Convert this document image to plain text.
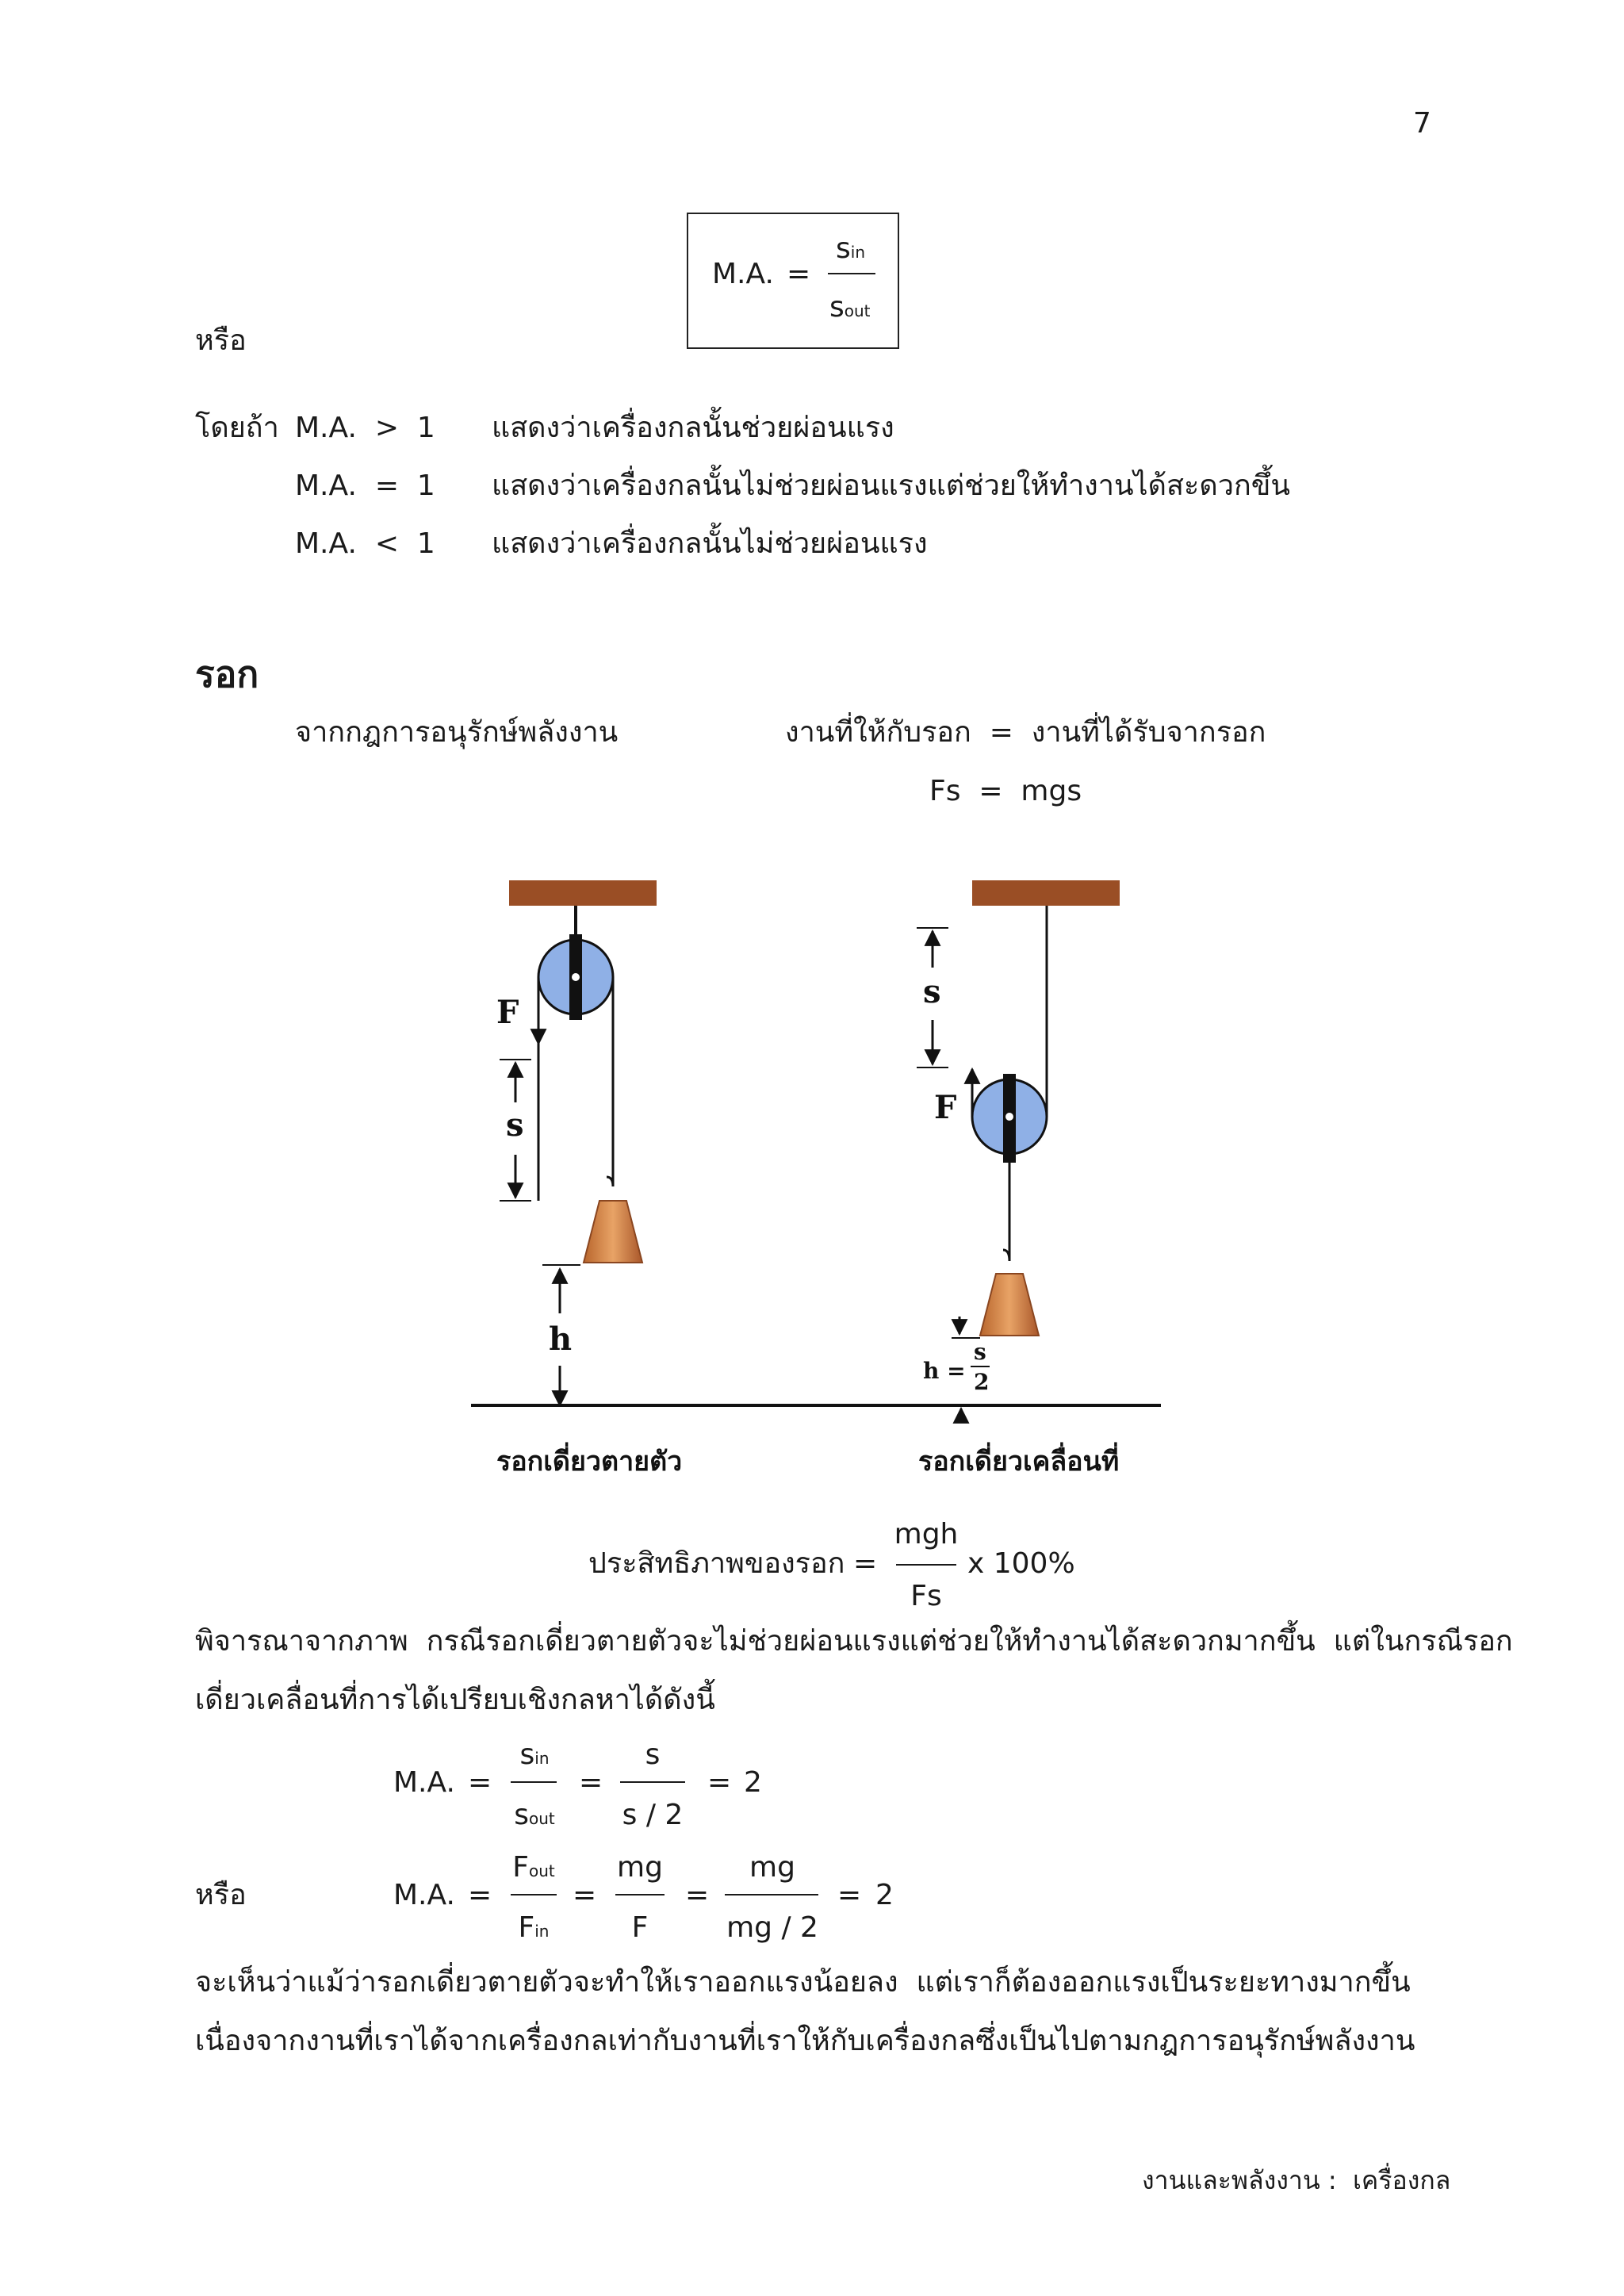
7
M.A. =
sin
sout
หรือ
โดยถ้า M.A.  >  1 แสดงว่าเครื่องกลนั้นช่วยผ่อนแรง
M.A.  =  1 แสดงว่าเครื่องกลนั้นไม่ช่วยผ่อนแรงแต่ช่วยให้ทำงานได้สะดวกขึ้น
M.A.  <  1 แสดงว่าเครื่องกลนั้นไม่ช่วยผ่อนแรง
รอก
จากกฎการอนุรักษ์พลังงาน	งานที่ให้กับรอก  =  งานที่ได้รับจากรอก
Fs  =  mgs
F
s
h
s
F
h =
s
2
รอกเดี่ยวตายตัว	รอกเดี่ยวเคลื่อนที่
ประสิทธิภาพของรอก =
mgh
Fs
x 100%
พิจารณาจากภาพ  กรณีรอกเดี่ยวตายตัวจะไม่ช่วยผ่อนแรงแต่ช่วยให้ทำงานได้สะดวกมากขึ้น  แต่ในกรณีรอก
เดี่ยวเคลื่อนที่การได้เปรียบเชิงกลหาได้ดังนี้
M.A. =
sin
sout
=
s
s / 2
= 2
หรือ	M.A. =
Fout
Fin
=
mg
F
=
mg
mg / 2
= 2
จะเห็นว่าแม้ว่ารอกเดี่ยวตายตัวจะทำให้เราออกแรงน้อยลง  แต่เราก็ต้องออกแรงเป็นระยะทางมากขึ้น
เนื่องจากงานที่เราได้จากเครื่องกลเท่ากับงานที่เราให้กับเครื่องกลซึ่งเป็นไปตามกฎการอนุรักษ์พลังงาน
งานและพลังงาน :  เครื่องกล
